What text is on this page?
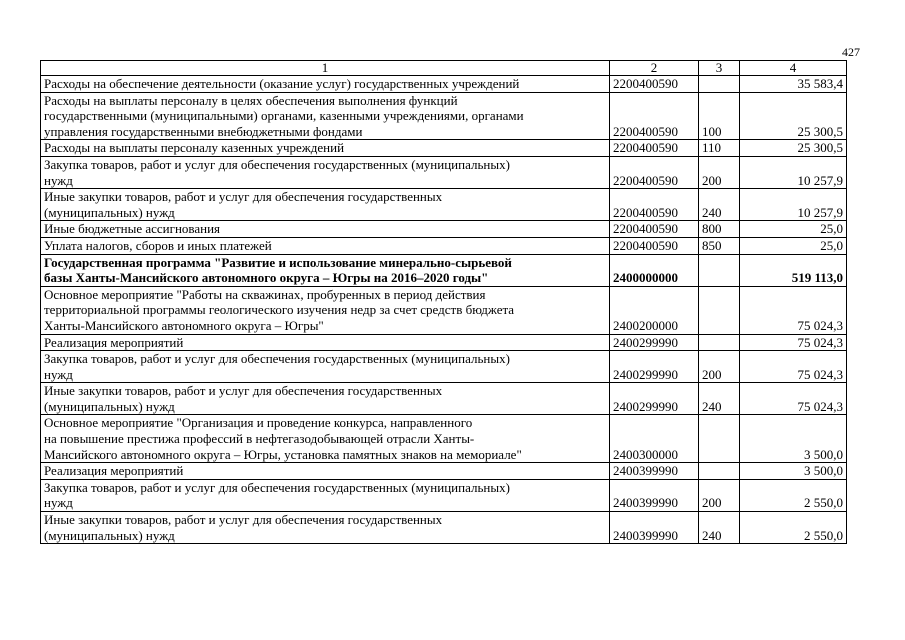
427
1	2	3	4

Расходы на обеспечение деятельности (оказание услуг) государственных учреждений	2200400590		35 583,4

Расходы на выплаты персоналу в целях обеспечения выполнения функций
государственными (муниципальными) органами, казенными учреждениями, органами
управления государственными внебюджетными фондами	2200400590	100	25 300,5

Расходы на выплаты персоналу казенных учреждений	2200400590	110	25 300,5

Закупка товаров, работ и услуг для обеспечения государственных (муниципальных)
нужд	2200400590	200	10 257,9

Иные закупки товаров, работ и услуг для обеспечения государственных
(муниципальных) нужд	2200400590	240	10 257,9

Иные бюджетные ассигнования	2200400590	800	25,0

Уплата налогов, сборов и иных платежей	2200400590	850	25,0

Государственная программа "Развитие и использование минерально-сырьевой
базы Ханты-Мансийского автономного округа – Югры на 2016–2020 годы"	2400000000		519 113,0

Основное мероприятие "Работы на скважинах, пробуренных в период действия
территориальной программы геологического изучения недр за счет средств бюджета
Ханты-Мансийского автономного округа – Югры"	2400200000		75 024,3

Реализация мероприятий	2400299990		75 024,3

Закупка товаров, работ и услуг для обеспечения государственных (муниципальных)
нужд	2400299990	200	75 024,3

Иные закупки товаров, работ и услуг для обеспечения государственных
(муниципальных) нужд	2400299990	240	75 024,3

Основное мероприятие "Организация и проведение конкурса, направленного
на повышение престижа профессий в нефтегазодобывающей отрасли Ханты-
Мансийского автономного округа – Югры, установка памятных знаков на мемориале"	2400300000		3 500,0

Реализация мероприятий	2400399990		3 500,0

Закупка товаров, работ и услуг для обеспечения государственных (муниципальных)
нужд	2400399990	200	2 550,0

Иные закупки товаров, работ и услуг для обеспечения государственных
(муниципальных) нужд	2400399990	240	2 550,0
